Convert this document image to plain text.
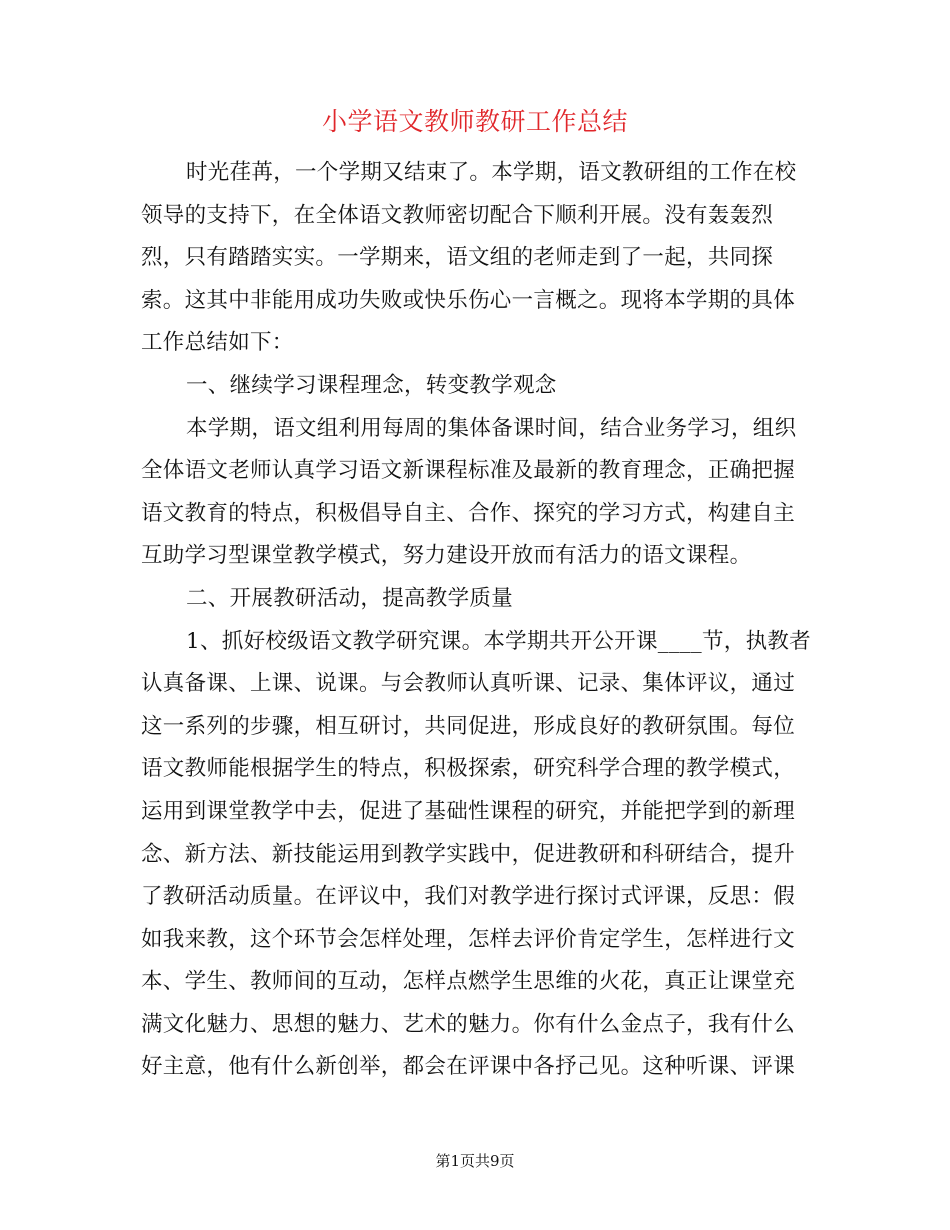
小学语文教师教研工作总结
时光荏苒，一个学期又结束了。本学期，语文教研组的工作在校
领导的支持下，在全体语文教师密切配合下顺利开展。没有轰轰烈
烈，只有踏踏实实。一学期来，语文组的老师走到了一起，共同探
索。这其中非能用成功失败或快乐伤心一言概之。现将本学期的具体
工作总结如下：
一、继续学习课程理念，转变教学观念
本学期，语文组利用每周的集体备课时间，结合业务学习，组织
全体语文老师认真学习语文新课程标准及最新的教育理念，正确把握
语文教育的特点，积极倡导自主、合作、探究的学习方式，构建自主
互助学习型课堂教学模式，努力建设开放而有活力的语文课程。
二、开展教研活动，提高教学质量
1、抓好校级语文教学研究课。本学期共开公开课____节，执教者
认真备课、上课、说课。与会教师认真听课、记录、集体评议，通过
这一系列的步骤，相互研讨，共同促进，形成良好的教研氛围。每位
语文教师能根据学生的特点，积极探索，研究科学合理的教学模式，
运用到课堂教学中去，促进了基础性课程的研究，并能把学到的新理
念、新方法、新技能运用到教学实践中，促进教研和科研结合，提升
了教研活动质量。在评议中，我们对教学进行探讨式评课，反思：假
如我来教，这个环节会怎样处理，怎样去评价肯定学生，怎样进行文
本、学生、教师间的互动，怎样点燃学生思维的火花，真正让课堂充
满文化魅力、思想的魅力、艺术的魅力。你有什么金点子，我有什么
好主意，他有什么新创举，都会在评课中各抒己见。这种听课、评课
第1页共9页
